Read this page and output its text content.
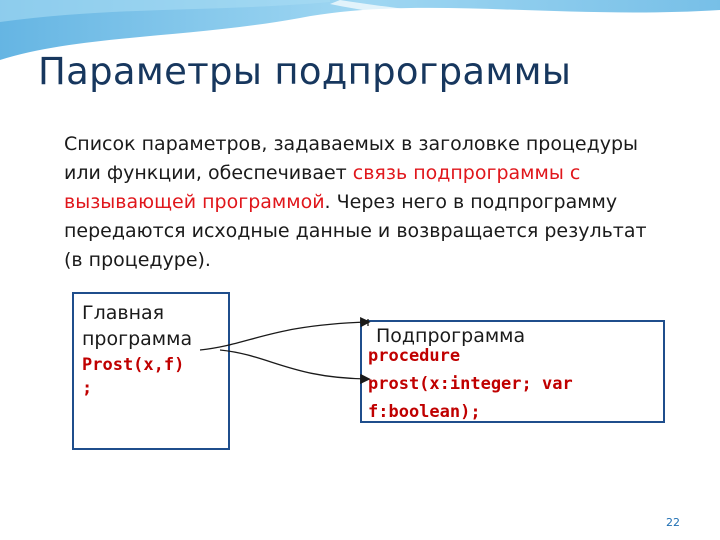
Параметры подпрограммы
Список параметров, задаваемых в заголовке процедуры или функции, обеспечивает связь подпрограммы с вызывающей программой. Через него в подпрограмму передаются исходные данные и возвращается результат (в процедуре).
Главная программа
Prost(x,f)
;
Подпрограмма
procedure
prost(x:integer; var
f:boolean);
22
